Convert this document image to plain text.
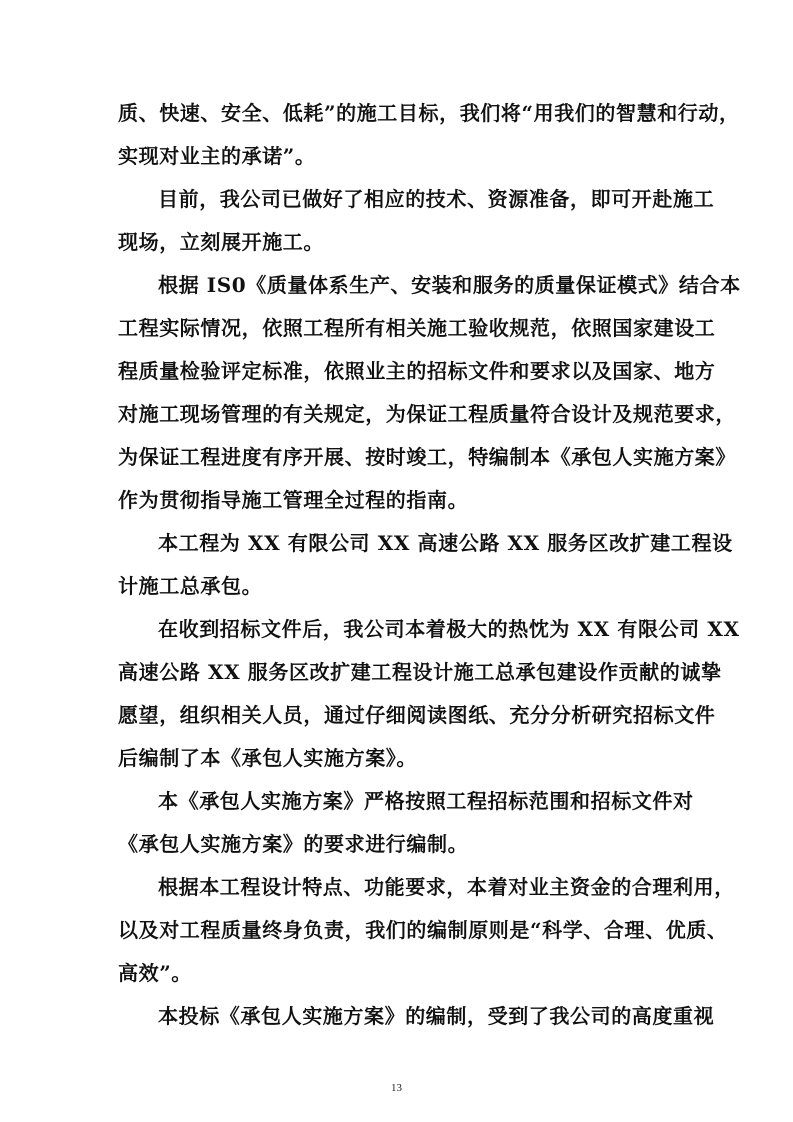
质、快速、安全、低耗”的施工目标，我们将“用我们的智慧和行动，
实现对业主的承诺”。
目前，我公司已做好了相应的技术、资源准备，即可开赴施工
现场，立刻展开施工。
根据 IS0《质量体系生产、安装和服务的质量保证模式》结合本
工程实际情况，依照工程所有相关施工验收规范，依照国家建设工
程质量检验评定标准，依照业主的招标文件和要求以及国家、地方
对施工现场管理的有关规定，为保证工程质量符合设计及规范要求，
为保证工程进度有序开展、按时竣工，特编制本《承包人实施方案》
作为贯彻指导施工管理全过程的指南。
本工程为 XX 有限公司 XX 高速公路 XX 服务区改扩建工程设
计施工总承包。
在收到招标文件后，我公司本着极大的热忱为 XX 有限公司 XX
高速公路 XX 服务区改扩建工程设计施工总承包建设作贡献的诚挚
愿望，组织相关人员，通过仔细阅读图纸、充分分析研究招标文件
后编制了本《承包人实施方案》。
本《承包人实施方案》严格按照工程招标范围和招标文件对
《承包人实施方案》的要求进行编制。
根据本工程设计特点、功能要求，本着对业主资金的合理利用，
以及对工程质量终身负责，我们的编制原则是“科学、合理、优质、
高效”。
本投标《承包人实施方案》的编制，受到了我公司的高度重视
13
